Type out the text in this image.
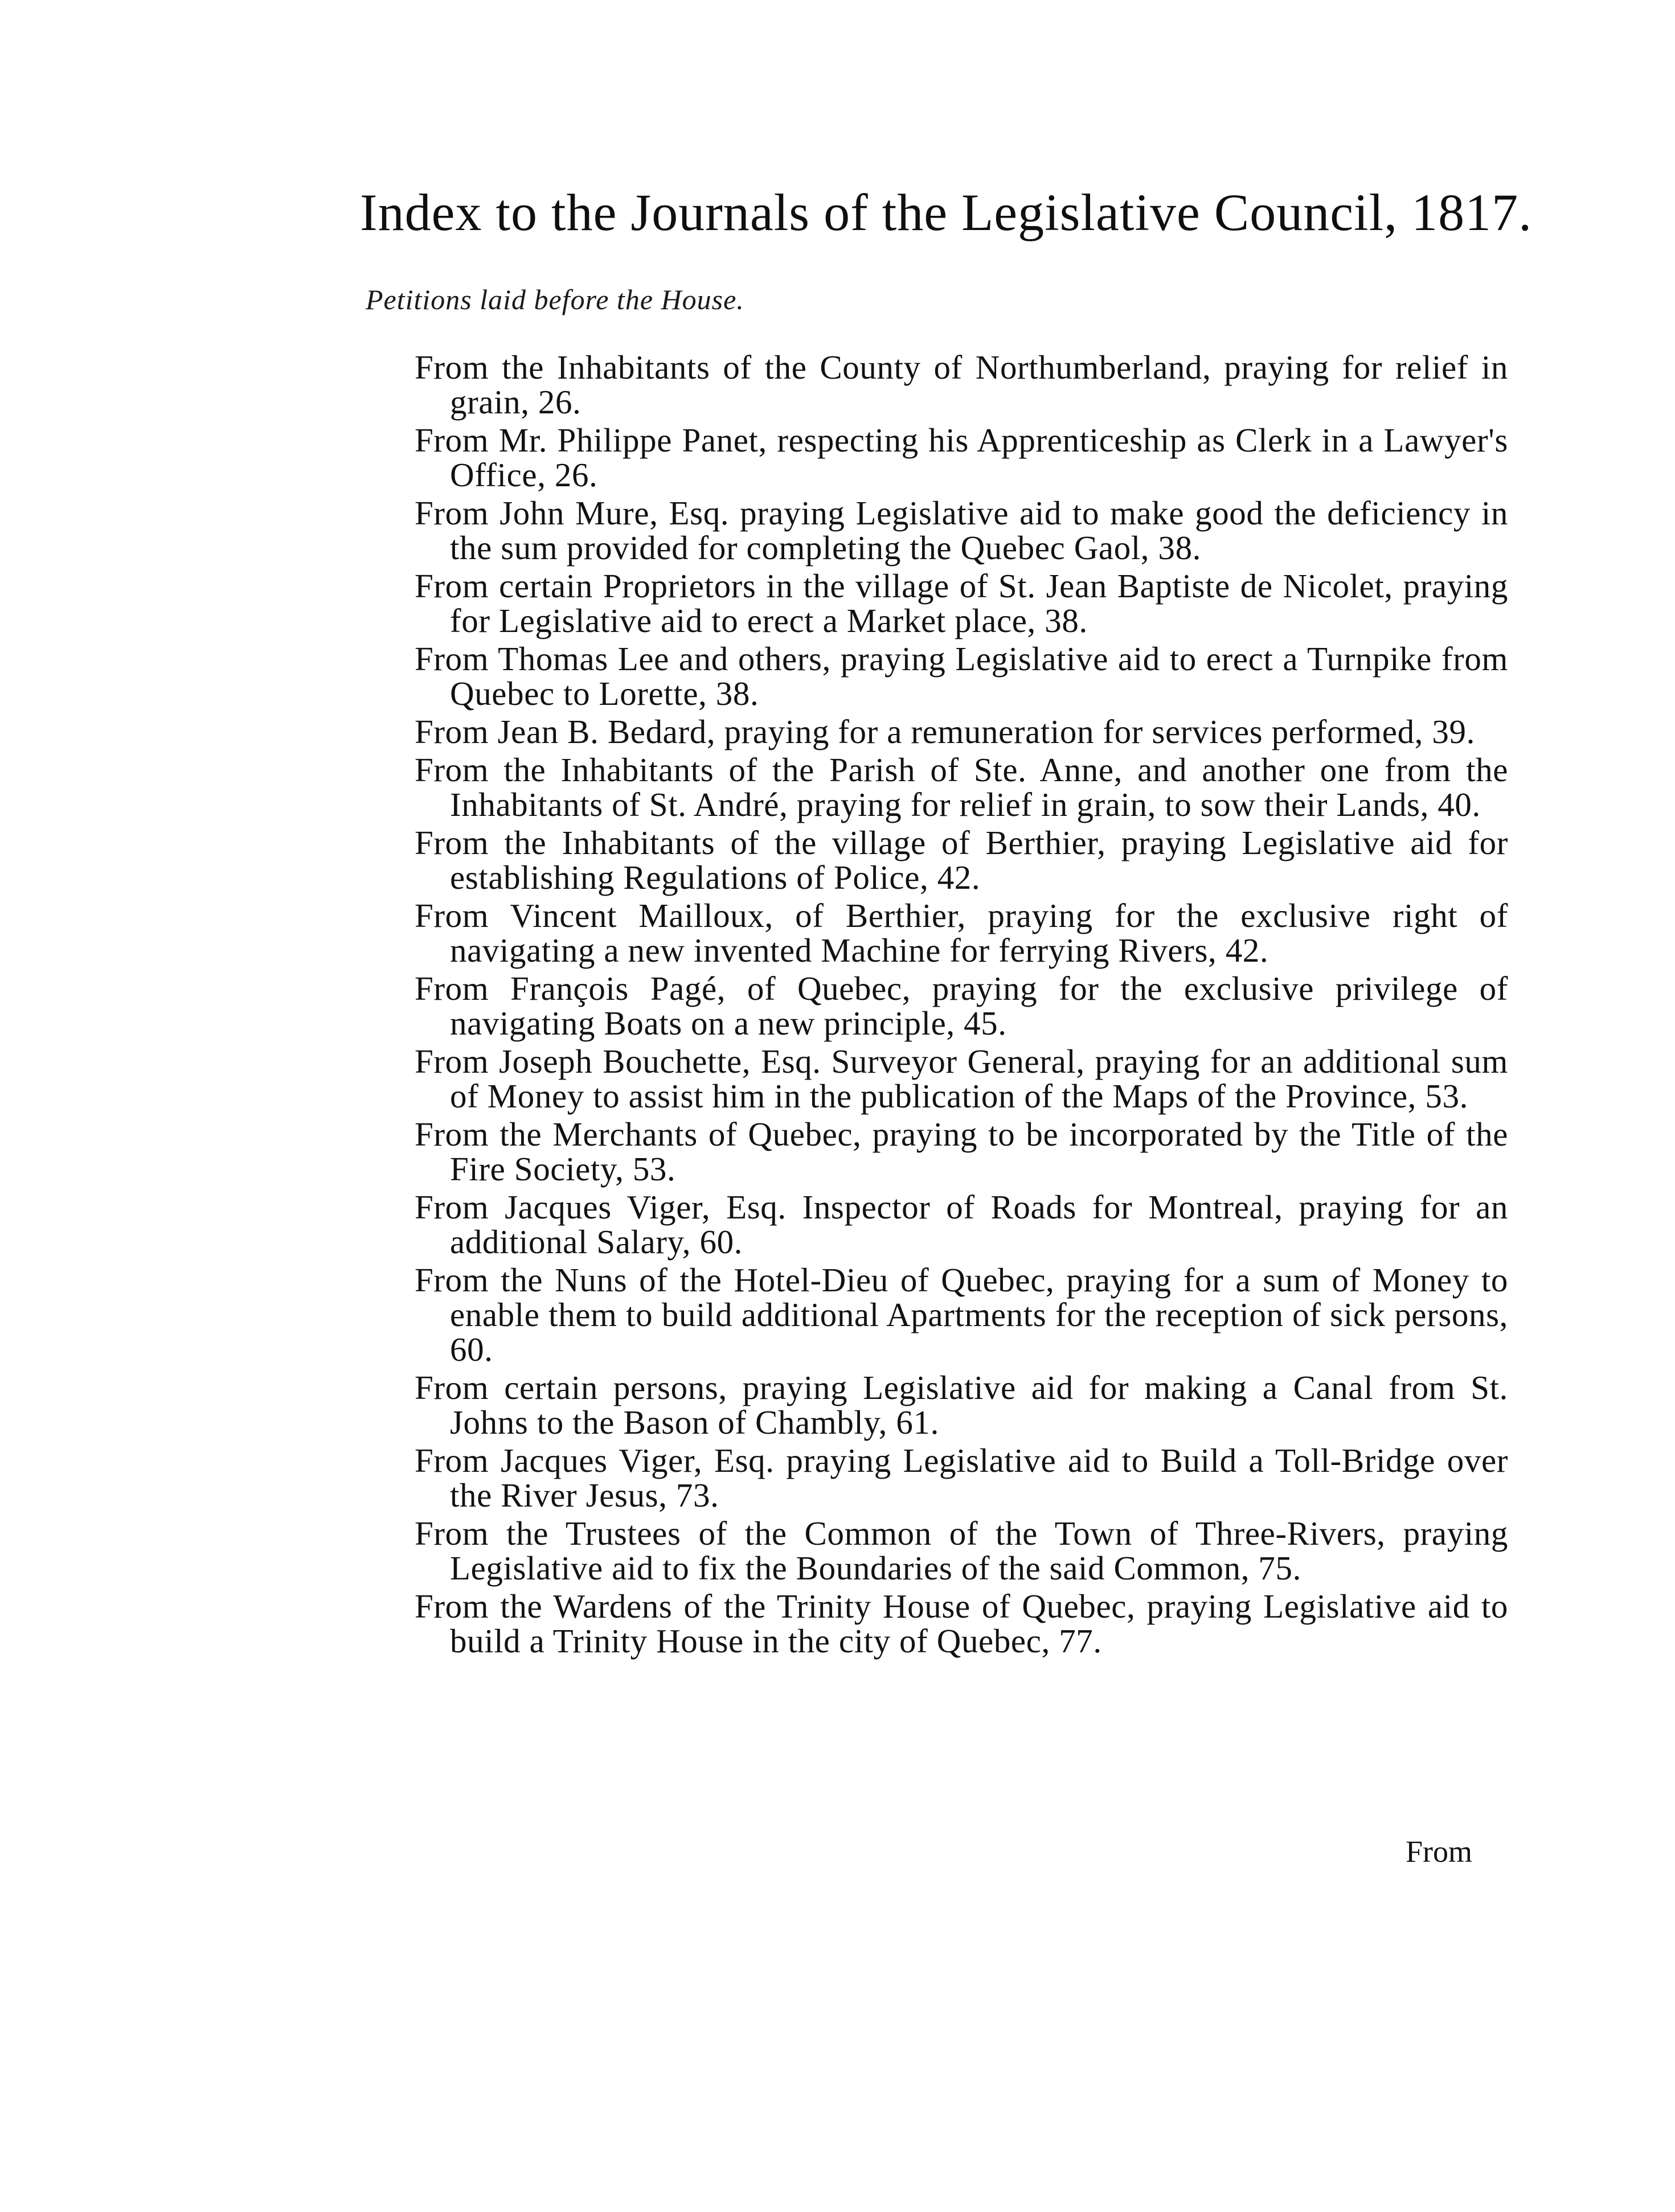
Index to the Journals of the Legislative Council, 1817.
Petitions laid before the House.
From the Inhabitants of the County of Northumberland, praying for relief in grain, 26.
From Mr. Philippe Panet, respecting his Apprenticeship as Clerk in a Lawyer's Office, 26.
From John Mure, Esq. praying Legislative aid to make good the deficiency in the sum provided for completing the Quebec Gaol, 38.
From certain Proprietors in the village of St. Jean Baptiste de Nicolet, praying for Legislative aid to erect a Market place, 38.
From Thomas Lee and others, praying Legislative aid to erect a Turnpike from Quebec to Lorette, 38.
From Jean B. Bedard, praying for a remuneration for services performed, 39.
From the Inhabitants of the Parish of Ste. Anne, and another one from the Inhabitants of St. André, praying for relief in grain, to sow their Lands, 40.
From the Inhabitants of the village of Berthier, praying Legislative aid for establishing Regulations of Police, 42.
From Vincent Mailloux, of Berthier, praying for the exclusive right of navigating a new invented Machine for ferrying Rivers, 42.
From François Pagé, of Quebec, praying for the exclusive privilege of navigating Boats on a new principle, 45.
From Joseph Bouchette, Esq. Surveyor General, praying for an additional sum of Money to assist him in the publication of the Maps of the Province, 53.
From the Merchants of Quebec, praying to be incorporated by the Title of the Fire Society, 53.
From Jacques Viger, Esq. Inspector of Roads for Montreal, praying for an additional Salary, 60.
From the Nuns of the Hotel-Dieu of Quebec, praying for a sum of Money to enable them to build additional Apartments for the reception of sick persons, 60.
From certain persons, praying Legislative aid for making a Canal from St. Johns to the Bason of Chambly, 61.
From Jacques Viger, Esq. praying Legislative aid to Build a Toll-Bridge over the River Jesus, 73.
From the Trustees of the Common of the Town of Three-Rivers, praying Legislative aid to fix the Boundaries of the said Common, 75.
From the Wardens of the Trinity House of Quebec, praying Legislative aid to build a Trinity House in the city of Quebec, 77.
From
